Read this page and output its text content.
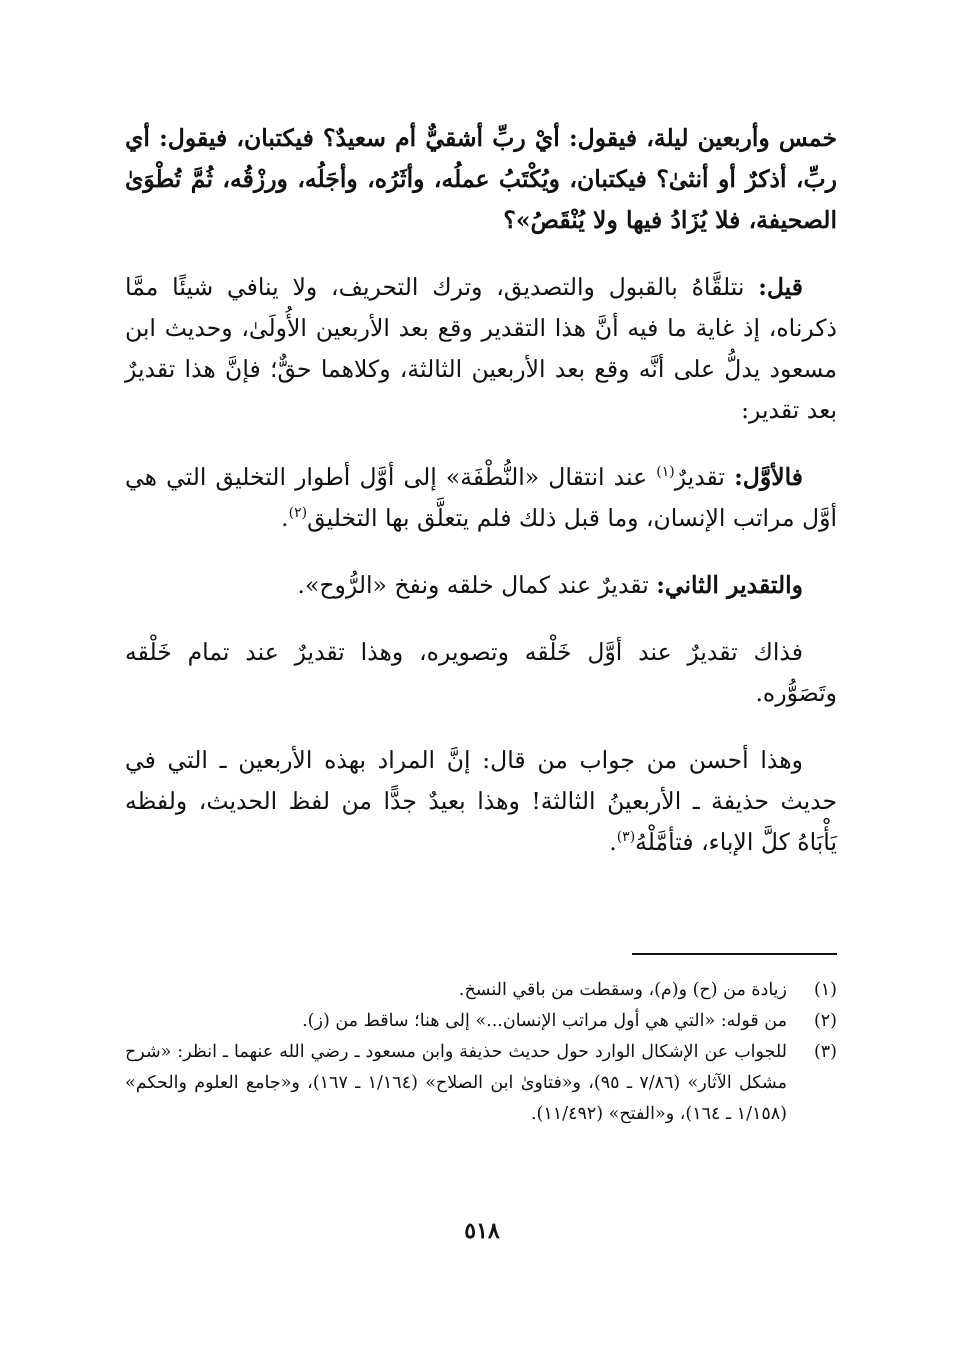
خمس وأربعين ليلة، فيقول: أيْ ربِّ أشقيٌّ أم سعيدٌ؟ فيكتبان، فيقول: أي ربِّ، أذكرٌ أو أنثىٰ؟ فيكتبان، ويُكْتَبُ عملُه، وأثَرُه، وأجَلُه، ورزْقُه، ثُمَّ تُطْوَىٰ الصحيفة، فلا يُزَادُ فيها ولا يُنْقَصُ»؟

قيل: نتلقَّاهُ بالقبول والتصديق، وترك التحريف، ولا ينافي شيئًا ممَّا ذكرناه، إذ غاية ما فيه أنَّ هذا التقدير وقع بعد الأربعين الأُولَىٰ، وحديث ابن مسعود يدلُّ على أنَّه وقع بعد الأربعين الثالثة، وكلاهما حقٌّ؛ فإنَّ هذا تقديرٌ بعد تقدير:

فالأوَّل: تقديرٌ$^{(١)}$ عند انتقال «النُّطْفَة» إلى أوَّل أطوار التخليق التي هي أوَّل مراتب الإنسان، وما قبل ذلك فلم يتعلَّق بها التخليق$^{(٢)}$.

والتقدير الثاني: تقديرٌ عند كمال خلقه ونفخ «الرُّوح».

فذاك تقديرٌ عند أوَّل خَلْقه وتصويره، وهذا تقديرٌ عند تمام خَلْقه وتَصَوُّره.

وهذا أحسن من جواب من قال: إنَّ المراد بهذه الأربعين ـ التي في حديث حذيفة ـ الأربعينُ الثالثة! وهذا بعيدٌ جدًّا من لفظ الحديث، ولفظه يَأْبَاهُ كلَّ الإباء، فتأمَّلْهُ$^{(٣)}$.

(١)
زيادة من (ح) و(م)، وسقطت من باقي النسخ.
(٢)
من قوله: «التي هي أول مراتب الإنسان...» إلى هنا؛ ساقط من (ز).
(٣)
للجواب عن الإشكال الوارد حول حديث حذيفة وابن مسعود ـ رضي الله عنهما ـ انظر: «شرح مشكل الآثار» (٧/٨٦ ـ ٩٥)، و«فتاوىٰ ابن الصلاح» (١/١٦٤ ـ ١٦٧)، و«جامع العلوم والحكم» (١/١٥٨ ـ ١٦٤)، و«الفتح» (١١/٤٩٢).
٥١٨
